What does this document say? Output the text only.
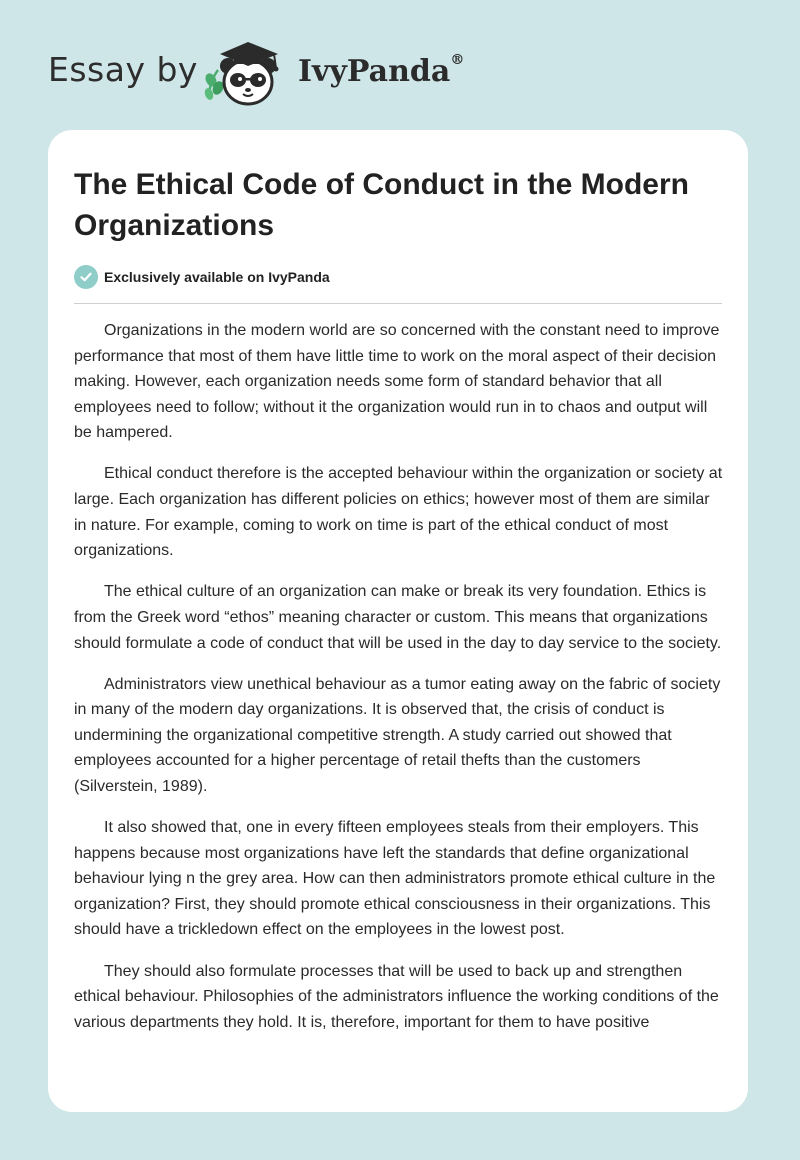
Essay by	IvyPanda®
The Ethical Code of Conduct in the Modern Organizations
Exclusively available on IvyPanda

Organizations in the modern world are so concerned with the constant need to improve performance that most of them have little time to work on the moral aspect of their decision making. However, each organization needs some form of standard behavior that all employees need to follow; without it the organization would run in to chaos and output will be hampered.

Ethical conduct therefore is the accepted behaviour within the organization or society at large. Each organization has different policies on ethics; however most of them are similar in nature. For example, coming to work on time is part of the ethical conduct of most organizations.

The ethical culture of an organization can make or break its very foundation. Ethics is from the Greek word “ethos” meaning character or custom. This means that organizations should formulate a code of conduct that will be used in the day to day service to the society.

Administrators view unethical behaviour as a tumor eating away on the fabric of society in many of the modern day organizations. It is observed that, the crisis of conduct is undermining the organizational competitive strength. A study carried out showed that employees accounted for a higher percentage of retail thefts than the customers (Silverstein, 1989).

It also showed that, one in every fifteen employees steals from their employers. This happens because most organizations have left the standards that define organizational behaviour lying n the grey area. How can then administrators promote ethical culture in the organization? First, they should promote ethical consciousness in their organizations. This should have a trickledown effect on the employees in the lowest post.

They should also formulate processes that will be used to back up and strengthen ethical behaviour. Philosophies of the administrators influence the working conditions of the various departments they hold. It is, therefore, important for them to have positive
